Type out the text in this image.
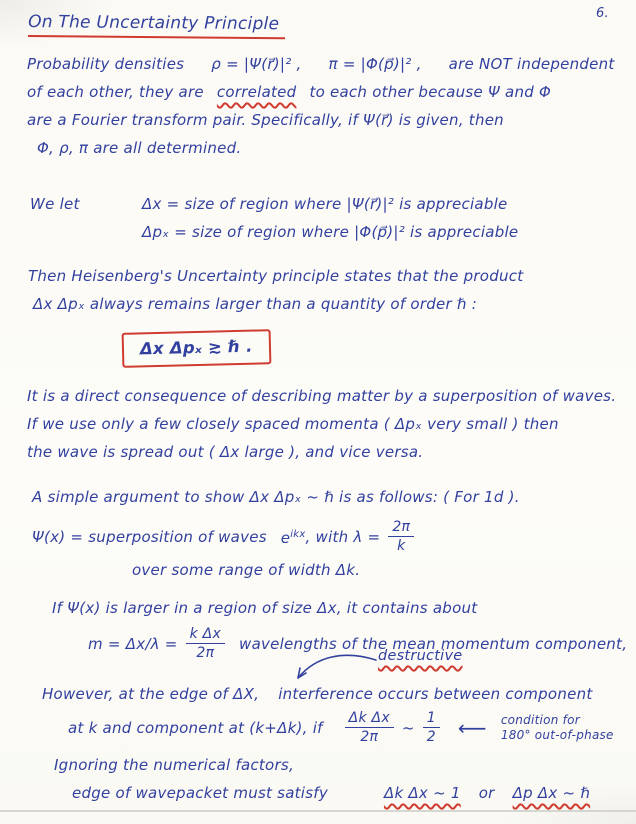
6.
On The Uncertainty Principle
Probability densities ρ = |Ψ(r⃗)|² , π = |Φ(p⃗)|² , are NOT independent
of each other, they are correlated to each other because Ψ and Φ
are a Fourier transform pair. Specifically, if Ψ(r⃗) is given, then
Φ, ρ, π are all determined.
We let	Δx = size of region where |Ψ(r⃗)|² is appreciable
Δpₓ = size of region where |Φ(p⃗)|² is appreciable
Then Heisenberg's Uncertainty principle states that the product
Δx Δpₓ always remains larger than a quantity of order ℏ :
Δx Δpₓ ≳ ℏ .
It is a direct consequence of describing matter by a superposition of waves.
If we use only a few closely spaced momenta ( Δpₓ very small ) then
the wave is spread out ( Δx large ), and vice versa.
A simple argument to show Δx Δpₓ ~ ℏ is as follows: ( For 1d ).
Ψ(x) = superposition of waves $e^{ikx}$ , with $\lambda = \frac{2\pi}{k}$
over some range of width Δk.
If Ψ(x) is larger in a region of size Δx, it contains about
m = Δx∕λ = $\frac{\text{k Δx}}{2\pi}$ wavelengths of the mean momentum component,
destructive
However, at the edge of ΔX, interference occurs between component
at k and component at (k+Δk), if $\frac{\text{Δk Δx}}{2\pi}$ ~ $\frac{1}{2}$ ⟵ condition for
180° out-of-phase
Ignoring the numerical factors,
edge of wavepacket must satisfy	Δk Δx ~ 1 or Δp Δx ~ ℏ
